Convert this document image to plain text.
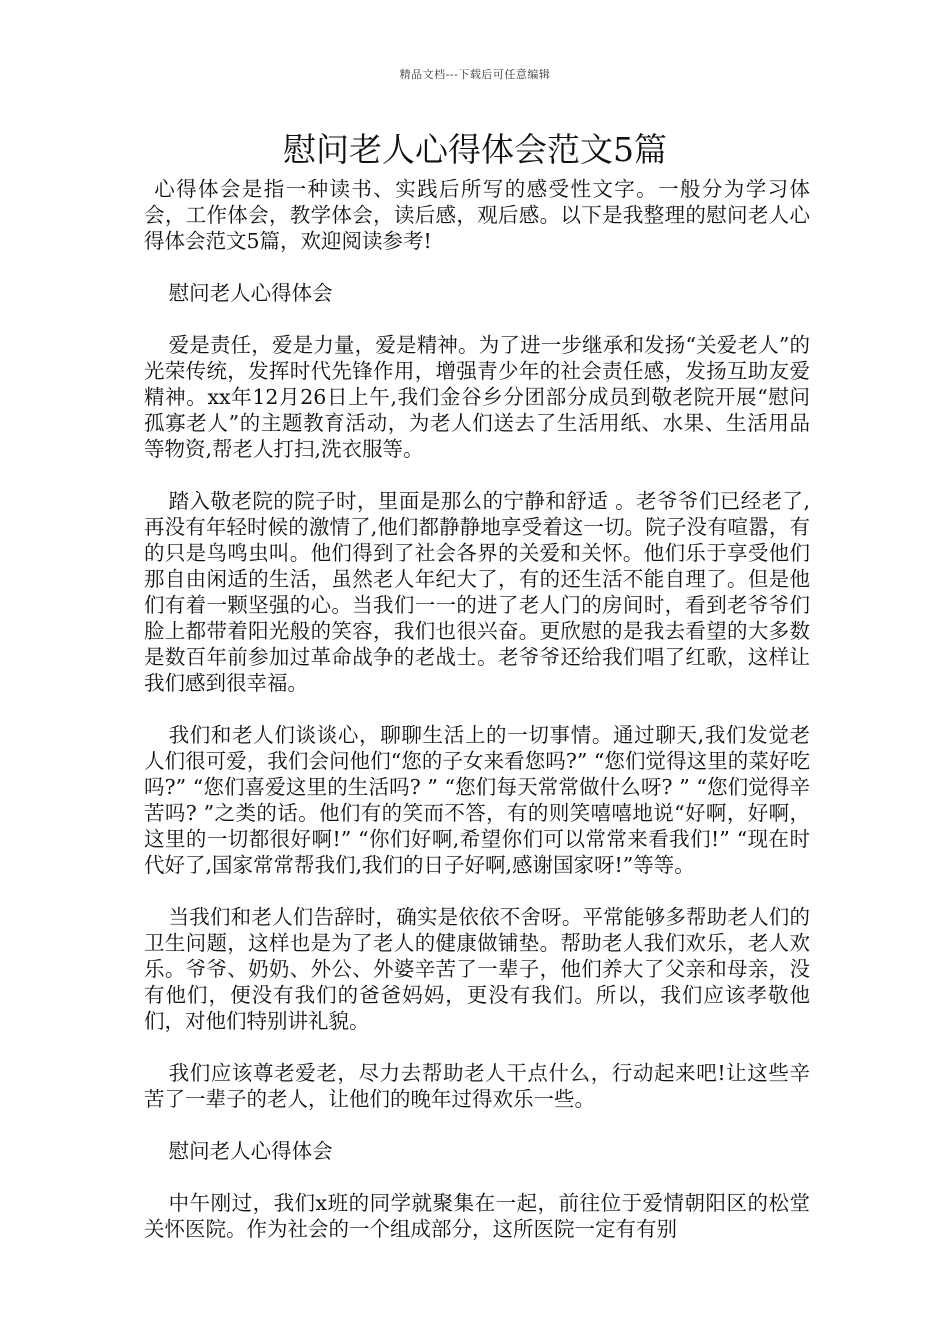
精品文档---下载后可任意编辑
慰问老人心得体会范文5篇

心得体会是指一种读书、实践后所写的感受性文字。一般分为学习体会，工作体会，教学体会，读后感，观后感。以下是我整理的慰问老人心得体会范文5篇，欢迎阅读参考!

慰问老人心得体会

爱是责任，爱是力量，爱是精神。为了进一步继承和发扬“关爱老人”的光荣传统，发挥时代先锋作用，增强青少年的社会责任感，发扬互助友爱精神。xx年12月26日上午,我们金谷乡分团部分成员到敬老院开展“慰问孤寡老人”的主题教育活动，为老人们送去了生活用纸、水果、生活用品等物资,帮老人打扫,洗衣服等。

踏入敬老院的院子时，里面是那么的宁静和舒适 。老爷爷们已经老了,再没有年轻时候的激情了,他们都静静地享受着这一切。院子没有喧嚣，有的只是鸟鸣虫叫。他们得到了社会各界的关爱和关怀。他们乐于享受他们那自由闲适的生活，虽然老人年纪大了，有的还生活不能自理了。但是他们有着一颗坚强的心。当我们一一的进了老人门的房间时，看到老爷爷们脸上都带着阳光般的笑容，我们也很兴奋。更欣慰的是我去看望的大多数是数百年前参加过革命战争的老战士。老爷爷还给我们唱了红歌，这样让我们感到很幸福。

我们和老人们谈谈心，聊聊生活上的一切事情。通过聊天,我们发觉老人们很可爱，我们会问他们“您的子女来看您吗?” “您们觉得这里的菜好吃吗?” “您们喜爱这里的生活吗? ” “您们每天常常做什么呀? ” “您们觉得辛苦吗? ”之类的话。他们有的笑而不答，有的则笑嘻嘻地说“好啊，好啊，这里的一切都很好啊!” “你们好啊,希望你们可以常常来看我们!” “现在时代好了,国家常常帮我们,我们的日子好啊,感谢国家呀!”等等。

当我们和老人们告辞时，确实是依依不舍呀。平常能够多帮助老人们的卫生问题，这样也是为了老人的健康做铺垫。帮助老人我们欢乐，老人欢乐。爷爷、奶奶、外公、外婆辛苦了一辈子，他们养大了父亲和母亲，没有他们，便没有我们的爸爸妈妈，更没有我们。所以，我们应该孝敬他们，对他们特别讲礼貌。

我们应该尊老爱老，尽力去帮助老人干点什么，行动起来吧!让这些辛苦了一辈子的老人，让他们的晚年过得欢乐一些。

慰问老人心得体会

中午刚过，我们x班的同学就聚集在一起，前往位于爱情朝阳区的松堂关怀医院。作为社会的一个组成部分，这所医院一定有有别
